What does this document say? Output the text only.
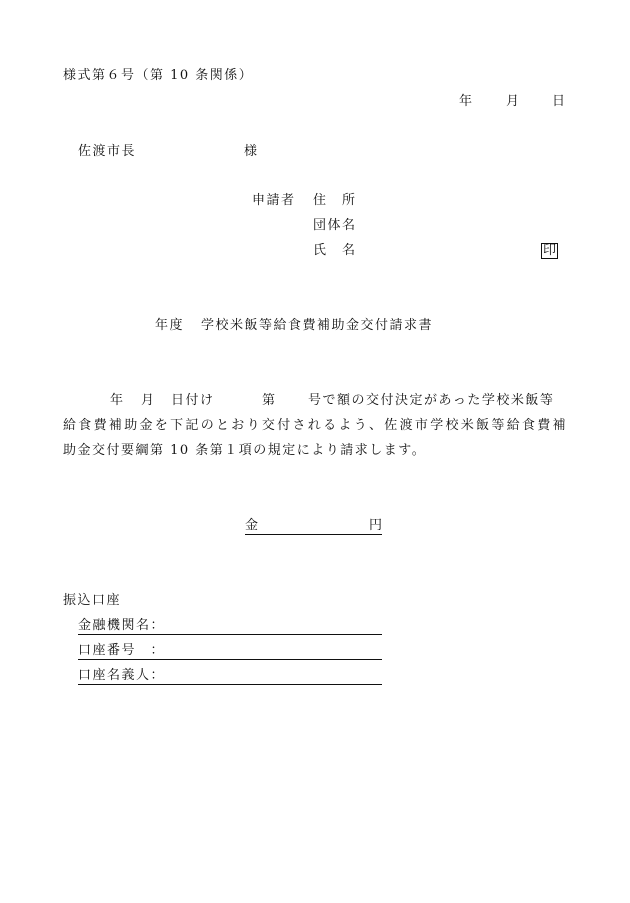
様式第６号（第 10 条関係）
年 月 日
佐渡市長	様
申請者 住　所
団体名
氏　名	印
年度 学校米飯等給食費補助金交付請求書
年 月 日付け	第 号で額の交付決定があった学校米飯等
給食費補助金を下記のとおり交付されるよう、佐渡市学校米飯等給食費補
助金交付要綱第 10 条第１項の規定により請求します。
金	円
振込口座
金融機関名：
口座番号　：
口座名義人：
